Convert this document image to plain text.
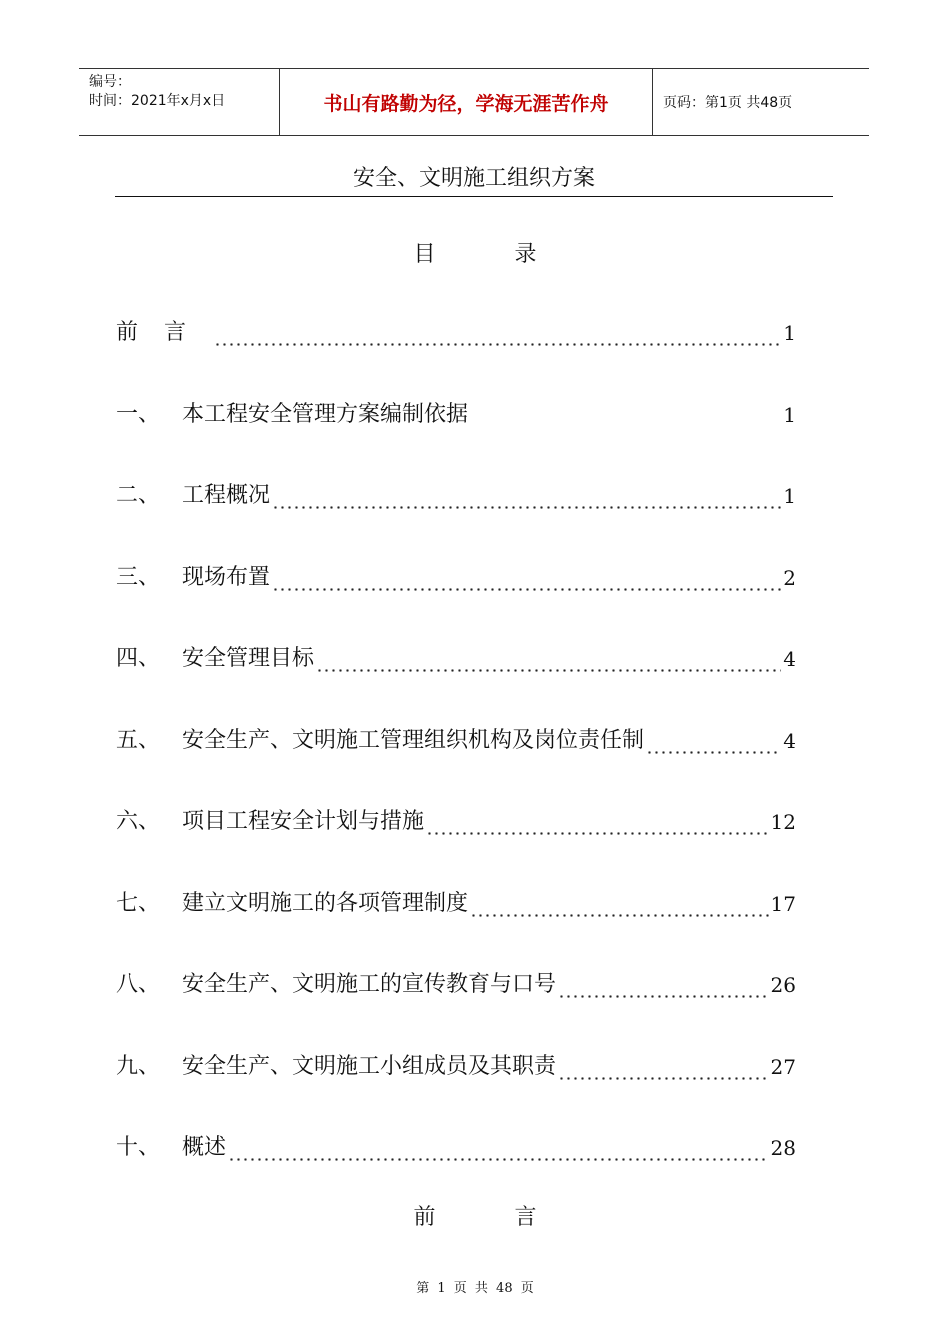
编号：
时间：2021年x月x日	书山有路勤为径，学海无涯苦作舟	页码：第1页 共48页
安全、文明施工组织方案
目 录
前言	1
一、 本工程安全管理方案编制依据	1
二、 工程概况	1
三、 现场布置	2
四、 安全管理目标	4
五、 安全生产、文明施工管理组织机构及岗位责任制	4
六、 项目工程安全计划与措施	12
七、 建立文明施工的各项管理制度	17
八、 安全生产、文明施工的宣传教育与口号	26
九、 安全生产、文明施工小组成员及其职责	27
十、 概述	28
前 言
第 1 页 共 48 页
